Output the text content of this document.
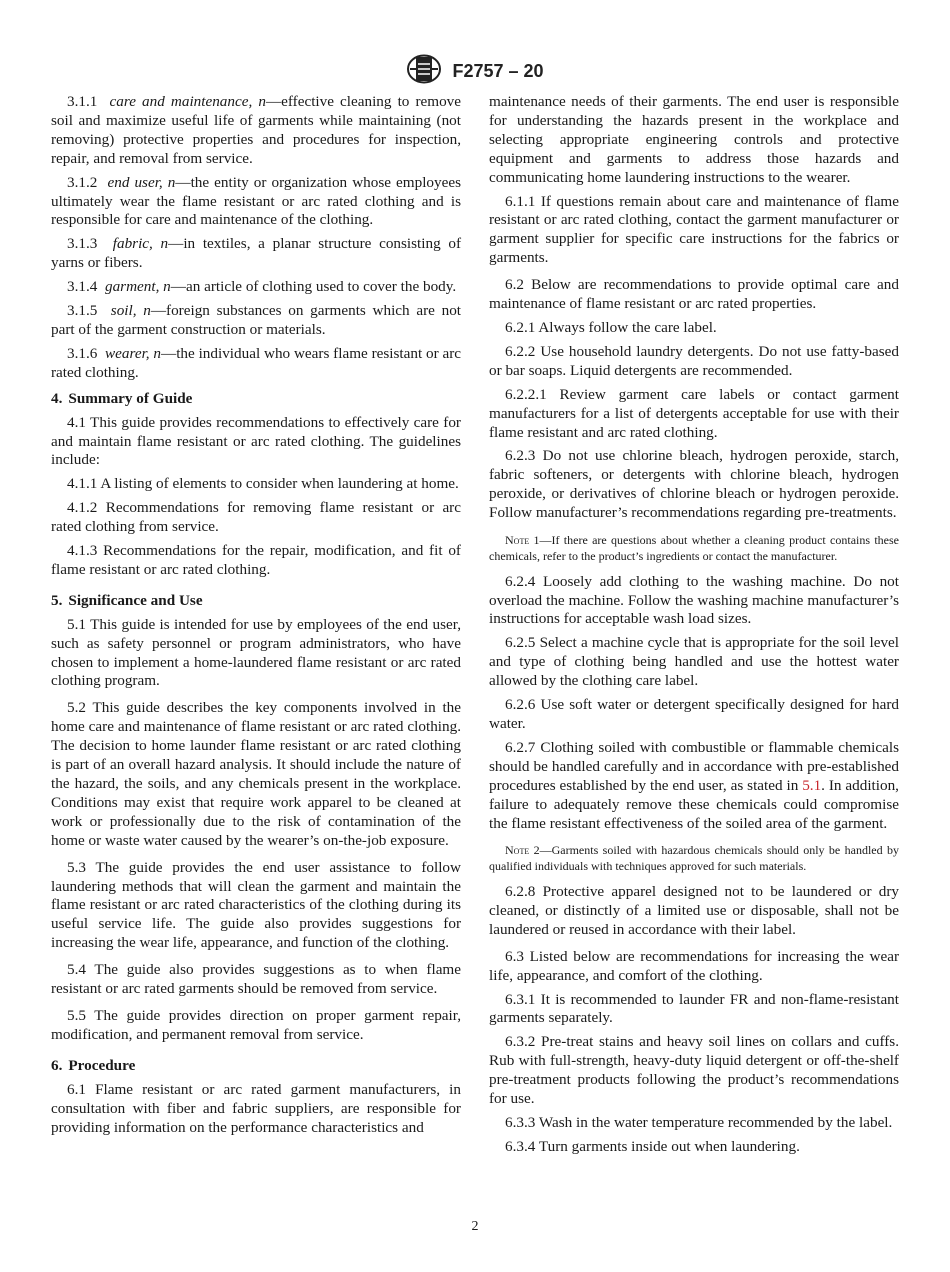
F2757 – 20

3.1.1 care and maintenance, n—effective cleaning to remove soil and maximize useful life of garments while maintaining (not removing) protective properties and procedures for inspection, repair, and removal from service.

3.1.2 end user, n—the entity or organization whose employees ultimately wear the flame resistant or arc rated clothing and is responsible for care and maintenance of the clothing.

3.1.3 fabric, n—in textiles, a planar structure consisting of yarns or fibers.

3.1.4 garment, n—an article of clothing used to cover the body.

3.1.5 soil, n—foreign substances on garments which are not part of the garment construction or materials.

3.1.6 wearer, n—the individual who wears flame resistant or arc rated clothing.

4. Summary of Guide

4.1 This guide provides recommendations to effectively care for and maintain flame resistant or arc rated clothing. The guidelines include:

4.1.1 A listing of elements to consider when laundering at home.

4.1.2 Recommendations for removing flame resistant or arc rated clothing from service.

4.1.3 Recommendations for the repair, modification, and fit of flame resistant or arc rated clothing.

5. Significance and Use

5.1 This guide is intended for use by employees of the end user, such as safety personnel or program administrators, who have chosen to implement a home-laundered flame resistant or arc rated clothing program.

5.2 This guide describes the key components involved in the home care and maintenance of flame resistant or arc rated clothing. The decision to home launder flame resistant or arc rated clothing is part of an overall hazard analysis. It should include the nature of the hazard, the soils, and any chemicals present in the workplace. Conditions may exist that require work apparel to be cleaned at work or professionally due to the risk of contamination of the home or waste water caused by the wearer’s on-the-job exposure.

5.3 The guide provides the end user assistance to follow laundering methods that will clean the garment and maintain the flame resistant or arc rated characteristics of the clothing during its useful service life. The guide also provides suggestions for increasing the wear life, appearance, and function of the clothing.

5.4 The guide also provides suggestions as to when flame resistant or arc rated garments should be removed from service.

5.5 The guide provides direction on proper garment repair, modification, and permanent removal from service.

6. Procedure

6.1 Flame resistant or arc rated garment manufacturers, in consultation with fiber and fabric suppliers, are responsible for providing information on the performance characteristics and

maintenance needs of their garments. The end user is responsible for understanding the hazards present in the workplace and selecting appropriate engineering controls and protective equipment and garments to address those hazards and communicating home laundering instructions to the wearer.

6.1.1 If questions remain about care and maintenance of flame resistant or arc rated clothing, contact the garment manufacturer or garment supplier for specific care instructions for the fabrics or garments.

6.2 Below are recommendations to provide optimal care and maintenance of flame resistant or arc rated properties.

6.2.1 Always follow the care label.

6.2.2 Use household laundry detergents. Do not use fatty-based or bar soaps. Liquid detergents are recommended.

6.2.2.1 Review garment care labels or contact garment manufacturers for a list of detergents acceptable for use with their flame resistant and arc rated clothing.

6.2.3 Do not use chlorine bleach, hydrogen peroxide, starch, fabric softeners, or detergents with chlorine bleach, hydrogen peroxide, or derivatives of chlorine bleach or hydrogen peroxide. Follow manufacturer’s recommendations regarding pre-treatments.

Note 1—If there are questions about whether a cleaning product contains these chemicals, refer to the product’s ingredients or contact the manufacturer.

6.2.4 Loosely add clothing to the washing machine. Do not overload the machine. Follow the washing machine manufacturer’s instructions for acceptable wash load sizes.

6.2.5 Select a machine cycle that is appropriate for the soil level and type of clothing being handled and use the hottest water allowed by the clothing care label.

6.2.6 Use soft water or detergent specifically designed for hard water.

6.2.7 Clothing soiled with combustible or flammable chemicals should be handled carefully and in accordance with pre-established procedures established by the end user, as stated in 5.1. In addition, failure to adequately remove these chemicals could compromise the flame resistant effectiveness of the soiled area of the garment.

Note 2—Garments soiled with hazardous chemicals should only be handled by qualified individuals with techniques approved for such materials.

6.2.8 Protective apparel designed not to be laundered or dry cleaned, or distinctly of a limited use or disposable, shall not be laundered or reused in accordance with their label.

6.3 Listed below are recommendations for increasing the wear life, appearance, and comfort of the clothing.

6.3.1 It is recommended to launder FR and non-flame-resistant garments separately.

6.3.2 Pre-treat stains and heavy soil lines on collars and cuffs. Rub with full-strength, heavy-duty liquid detergent or off-the-shelf pre-treatment products following the product’s recommendations for use.

6.3.3 Wash in the water temperature recommended by the label.

6.3.4 Turn garments inside out when laundering.

2
